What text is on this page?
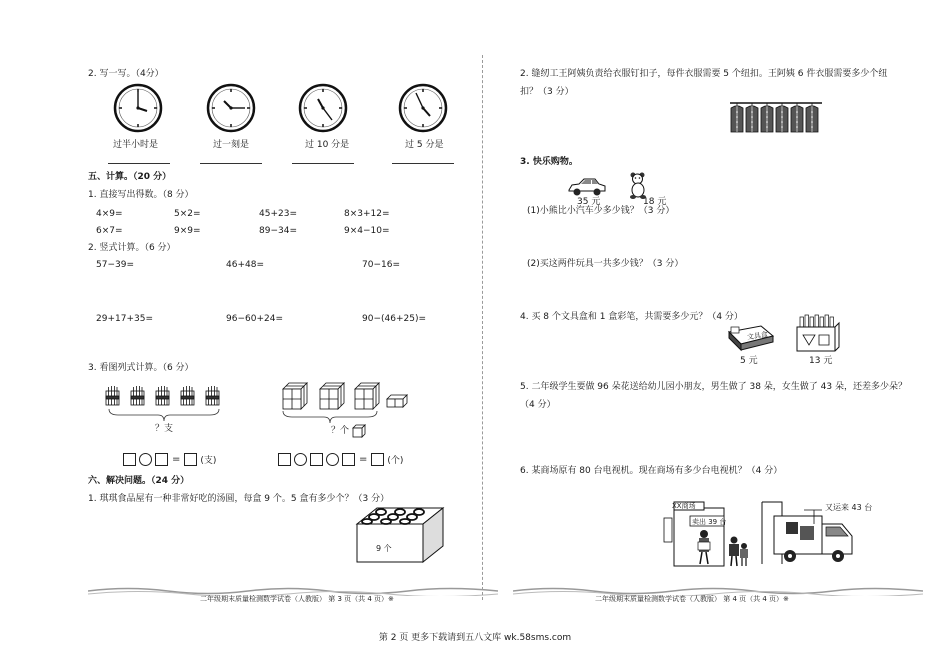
2. 写一写。（4分）
过半小时是	过一刻是	过 10 分是	过 5 分是
五、计算。（20 分）
1. 直接写出得数。（8 分）
4×9=	5×2=	45+23=	8×3+12=
6×7=	9×9=	89−34=	9×4−10=
2. 竖式计算。（6 分）
57−39=	46+48=	70−16=
29+17+35=	96−60+24=	90−(46+25)=
3. 看图列式计算。（6 分）
？支	？个
= (支)	= (个)
六、解决问题。（24 分）
1. 琪琪食品屋有一种非常好吃的汤圆，每盒 9 个。5 盒有多少个？（3 分）
9 个
二年级期末质量检测数学试卷（人教版） 第 3 页（共 4 页）※
2. 缝纫工王阿姨负责给衣服钉扣子，每件衣服需要 5 个纽扣。王阿姨 6 件衣服需要多少个纽
扣？（3 分）
3. 快乐购物。
35 元	18 元
(1)小熊比小汽车少多少钱？（3 分）
(2)买这两件玩具一共多少钱？（3 分）
4. 买 8 个文具盒和 1 盒彩笔，共需要多少元？（4 分）
文具盒
5 元	13 元
5. 二年级学生要做 96 朵花送给幼儿园小朋友，男生做了 38 朵，女生做了 43 朵，还差多少朵？
（4 分）
6. 某商场原有 80 台电视机。现在商场有多少台电视机？（4 分）
XX商场
卖出 39 台
又运来 43 台
二年级期末质量检测数学试卷（人教版） 第 4 页（共 4 页）※
第 2 页 更多下载请到五八文库 wk.58sms.com
